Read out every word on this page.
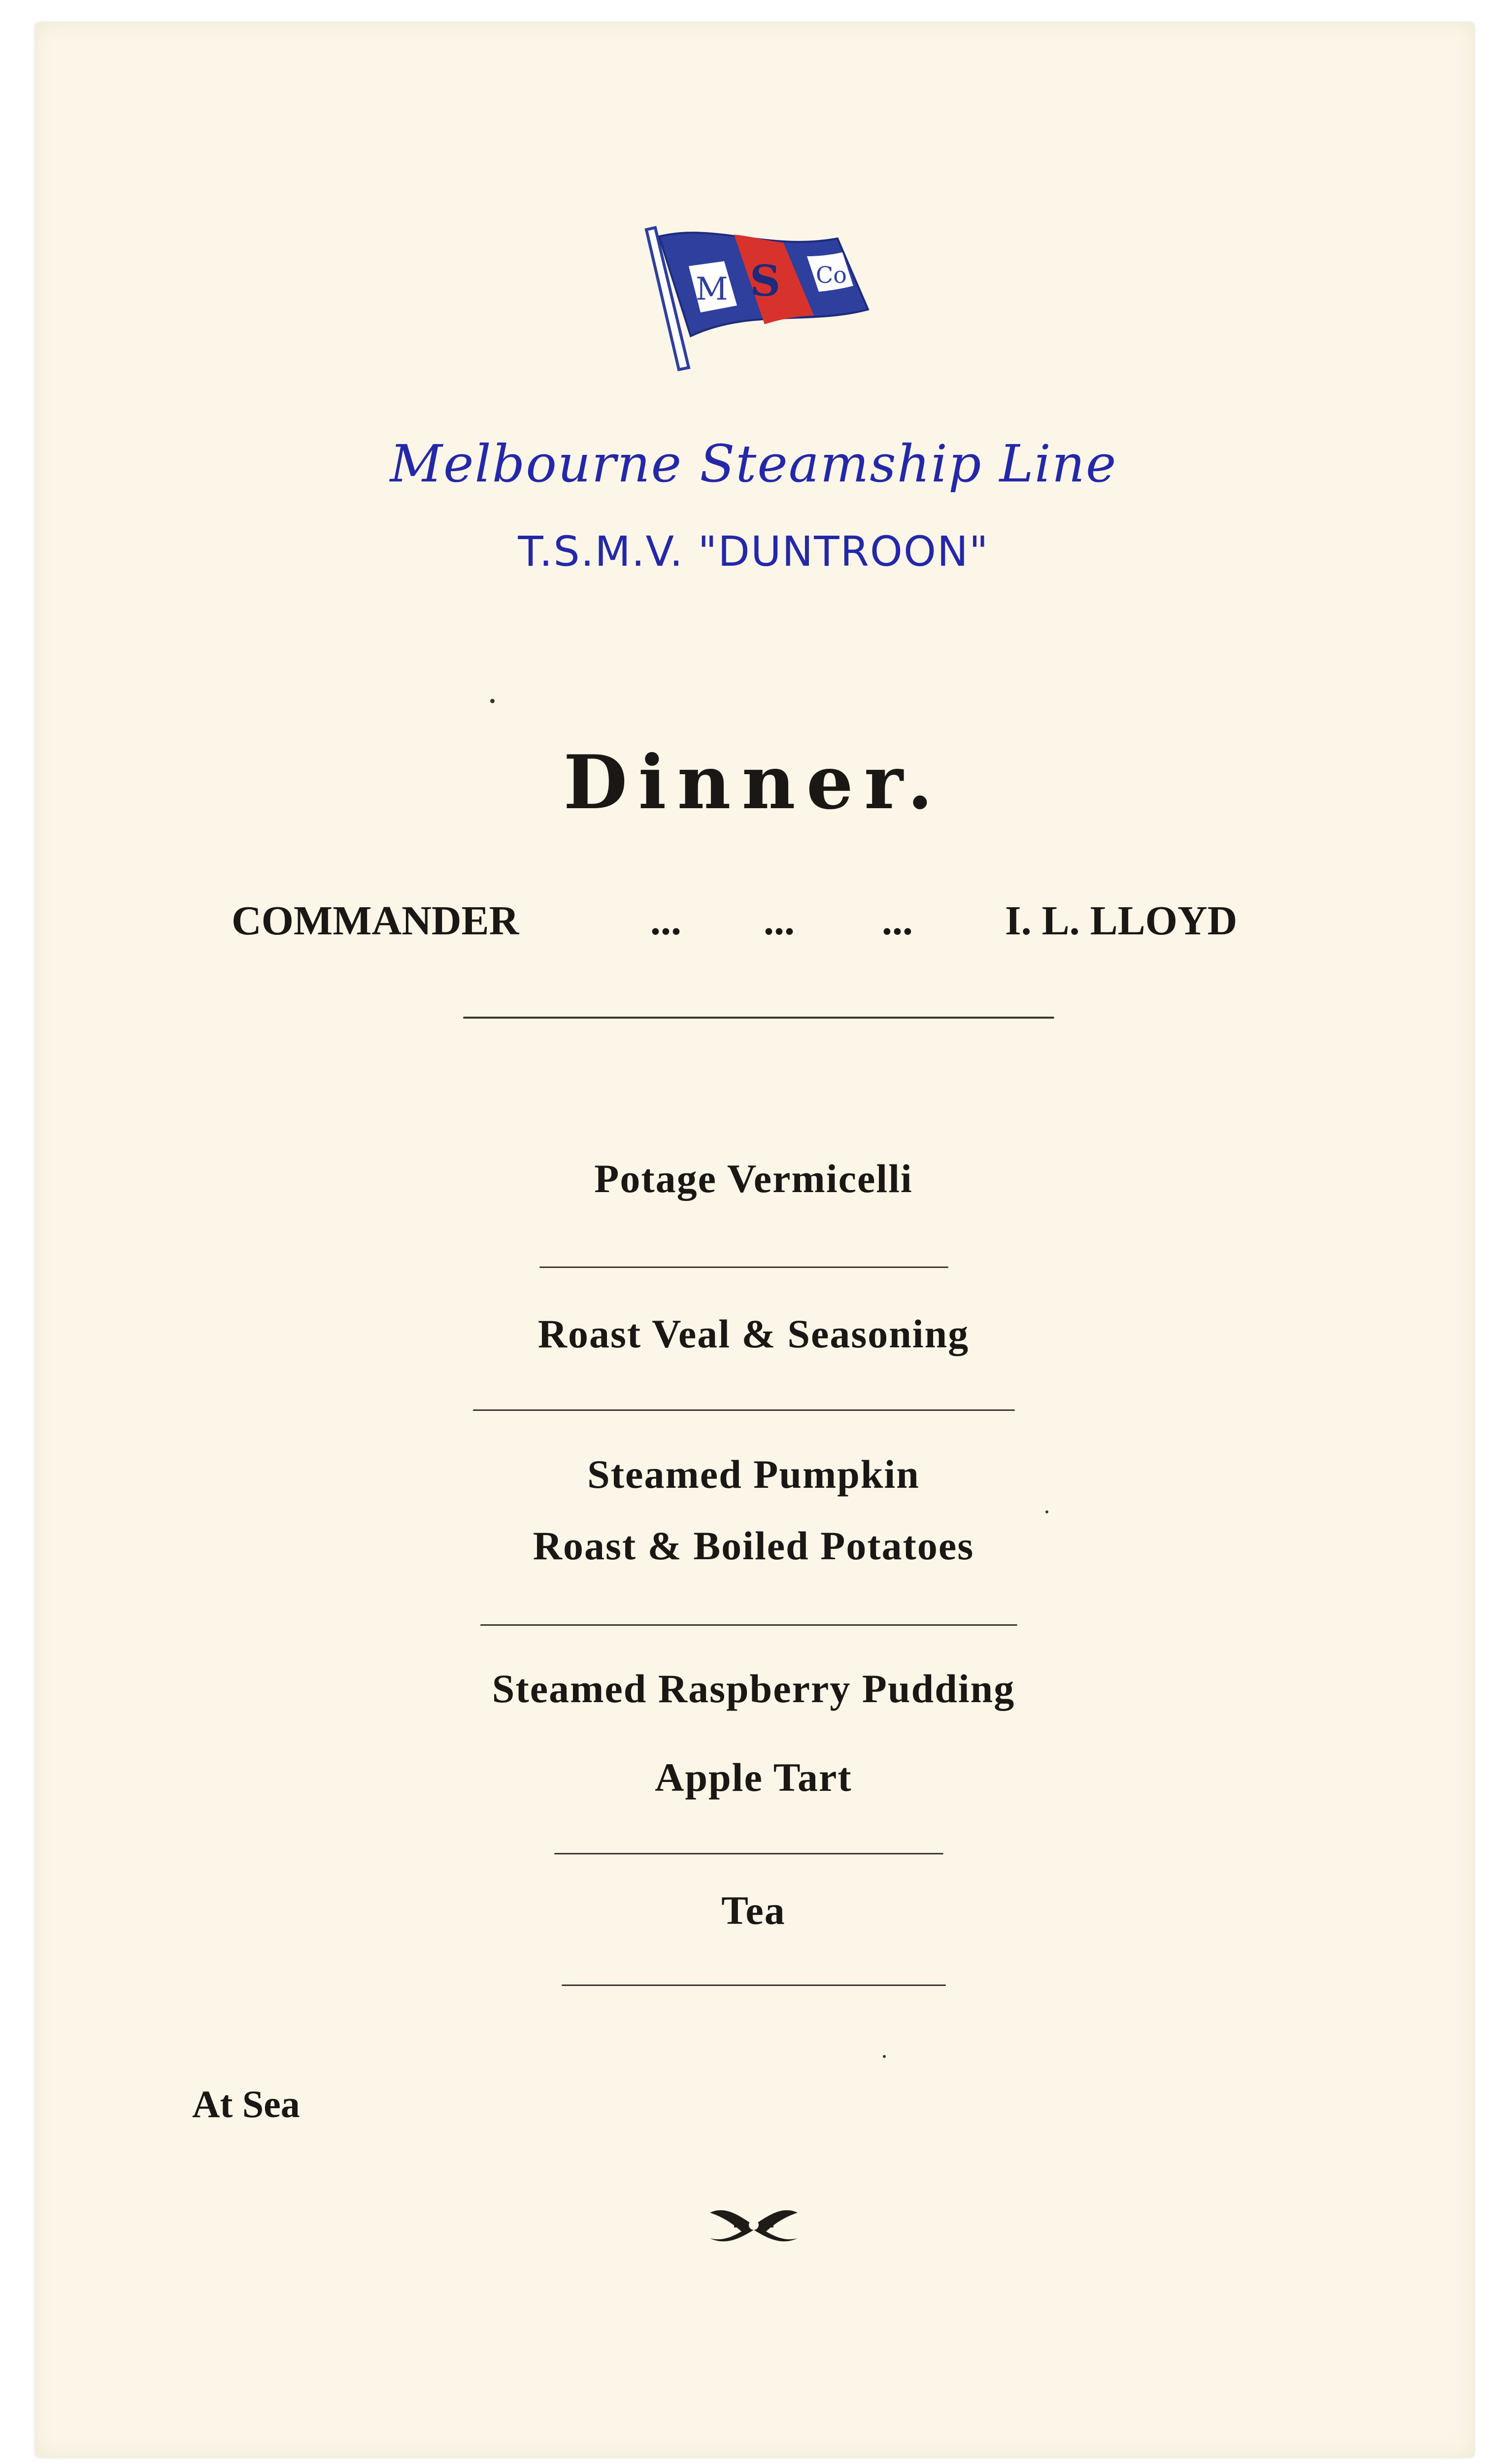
M S Co
Melbourne Steamship Line
T.S.M.V. "DUNTROON"
Dinner.
COMMANDER	... ... ... I. L. LLOYD
Potage Vermicelli
Roast Veal & Seasoning
Steamed Pumpkin
Roast & Boiled Potatoes
Steamed Raspberry Pudding
Apple Tart
Tea
At Sea
